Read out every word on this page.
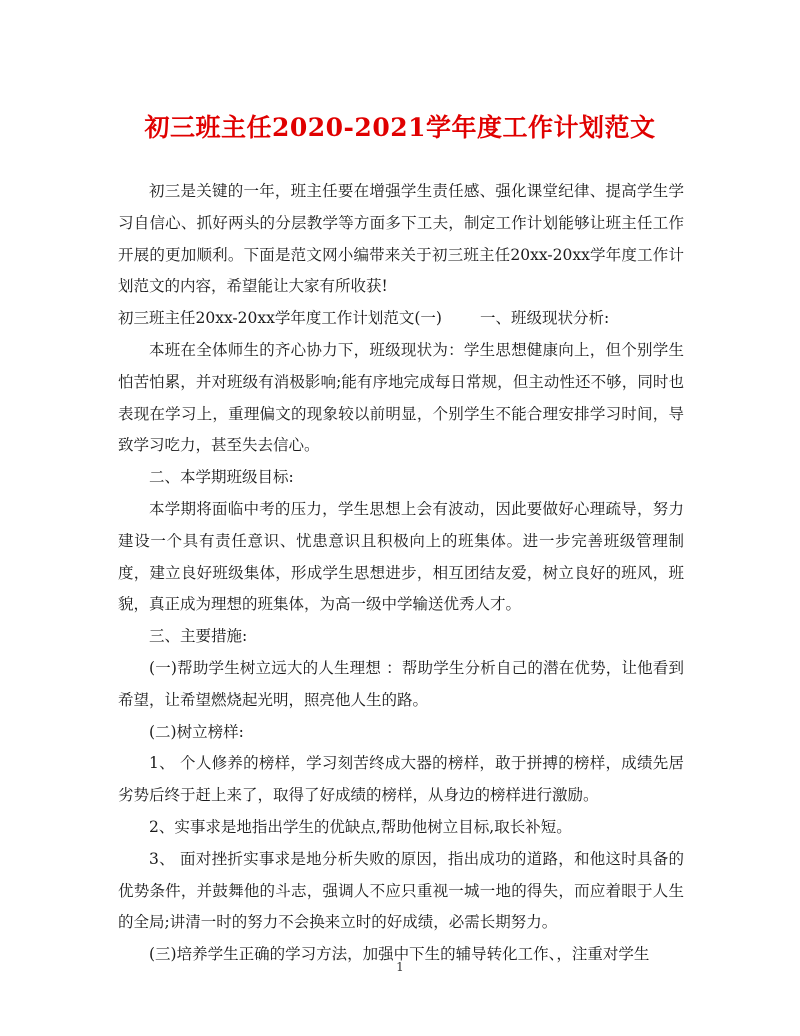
初三班主任2020-2021学年度工作计划范文

初三是关键的一年，班主任要在增强学生责任感、强化课堂纪律、提高学生学习自信心、抓好两头的分层教学等方面多下工夫，制定工作计划能够让班主任工作开展的更加顺利。下面是范文网小编带来关于初三班主任20xx-20xx学年度工作计划范文的内容，希望能让大家有所收获!

初三班主任20xx-20xx学年度工作计划范文(一) 一、班级现状分析:

本班在全体师生的齐心协力下，班级现状为：学生思想健康向上，但个别学生怕苦怕累，并对班级有消极影响;能有序地完成每日常规，但主动性还不够，同时也表现在学习上，重理偏文的现象较以前明显，个别学生不能合理安排学习时间，导致学习吃力，甚至失去信心。

二、本学期班级目标:

本学期将面临中考的压力，学生思想上会有波动，因此要做好心理疏导，努力建设一个具有责任意识、忧患意识且积极向上的班集体。进一步完善班级管理制度，建立良好班级集体，形成学生思想进步，相互团结友爱，树立良好的班风，班貌，真正成为理想的班集体，为高一级中学输送优秀人才。

三、主要措施:

(一)帮助学生树立远大的人生理想 ：帮助学生分析自己的潜在优势，让他看到希望，让希望燃烧起光明，照亮他人生的路。

(二)树立榜样:

1、 个人修养的榜样，学习刻苦终成大器的榜样，敢于拼搏的榜样，成绩先居劣势后终于赶上来了，取得了好成绩的榜样，从身边的榜样进行激励。

2、实事求是地指出学生的优缺点,帮助他树立目标,取长补短。

3、 面对挫折实事求是地分析失败的原因，指出成功的道路，和他这时具备的优势条件，并鼓舞他的斗志，强调人不应只重视一城一地的得失，而应着眼于人生的全局;讲清一时的努力不会换来立时的好成绩，必需长期努力。

(三)培养学生正确的学习方法，加强中下生的辅导转化工作、，注重对学生

1
